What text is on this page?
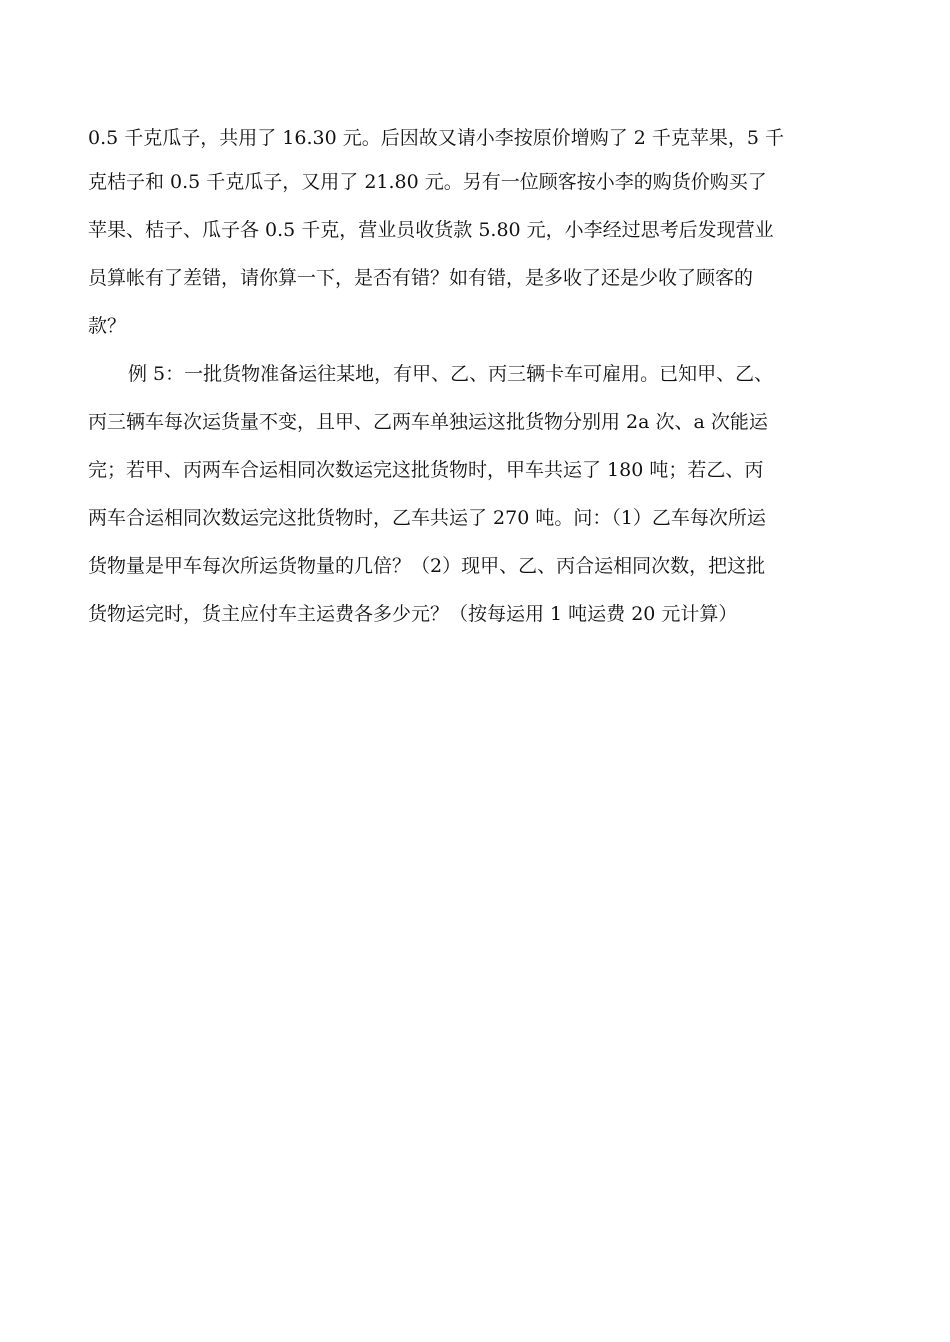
0.5 千克瓜子，共用了 16.30 元。后因故又请小李按原价增购了 2 千克苹果，5 千

克桔子和 0.5 千克瓜子，又用了 21.80 元。另有一位顾客按小李的购货价购买了

苹果、桔子、瓜子各 0.5 千克，营业员收货款 5.80 元，小李经过思考后发现营业

员算帐有了差错，请你算一下，是否有错？如有错，是多收了还是少收了顾客的

款？

例 5：一批货物准备运往某地，有甲、乙、丙三辆卡车可雇用。已知甲、乙、

丙三辆车每次运货量不变，且甲、乙两车单独运这批货物分别用 2a 次、a 次能运

完；若甲、丙两车合运相同次数运完这批货物时，甲车共运了 180 吨；若乙、丙

两车合运相同次数运完这批货物时，乙车共运了 270 吨。问：（1）乙车每次所运

货物量是甲车每次所运货物量的几倍？（2）现甲、乙、丙合运相同次数，把这批

货物运完时，货主应付车主运费各多少元？（按每运用 1 吨运费 20 元计算）
